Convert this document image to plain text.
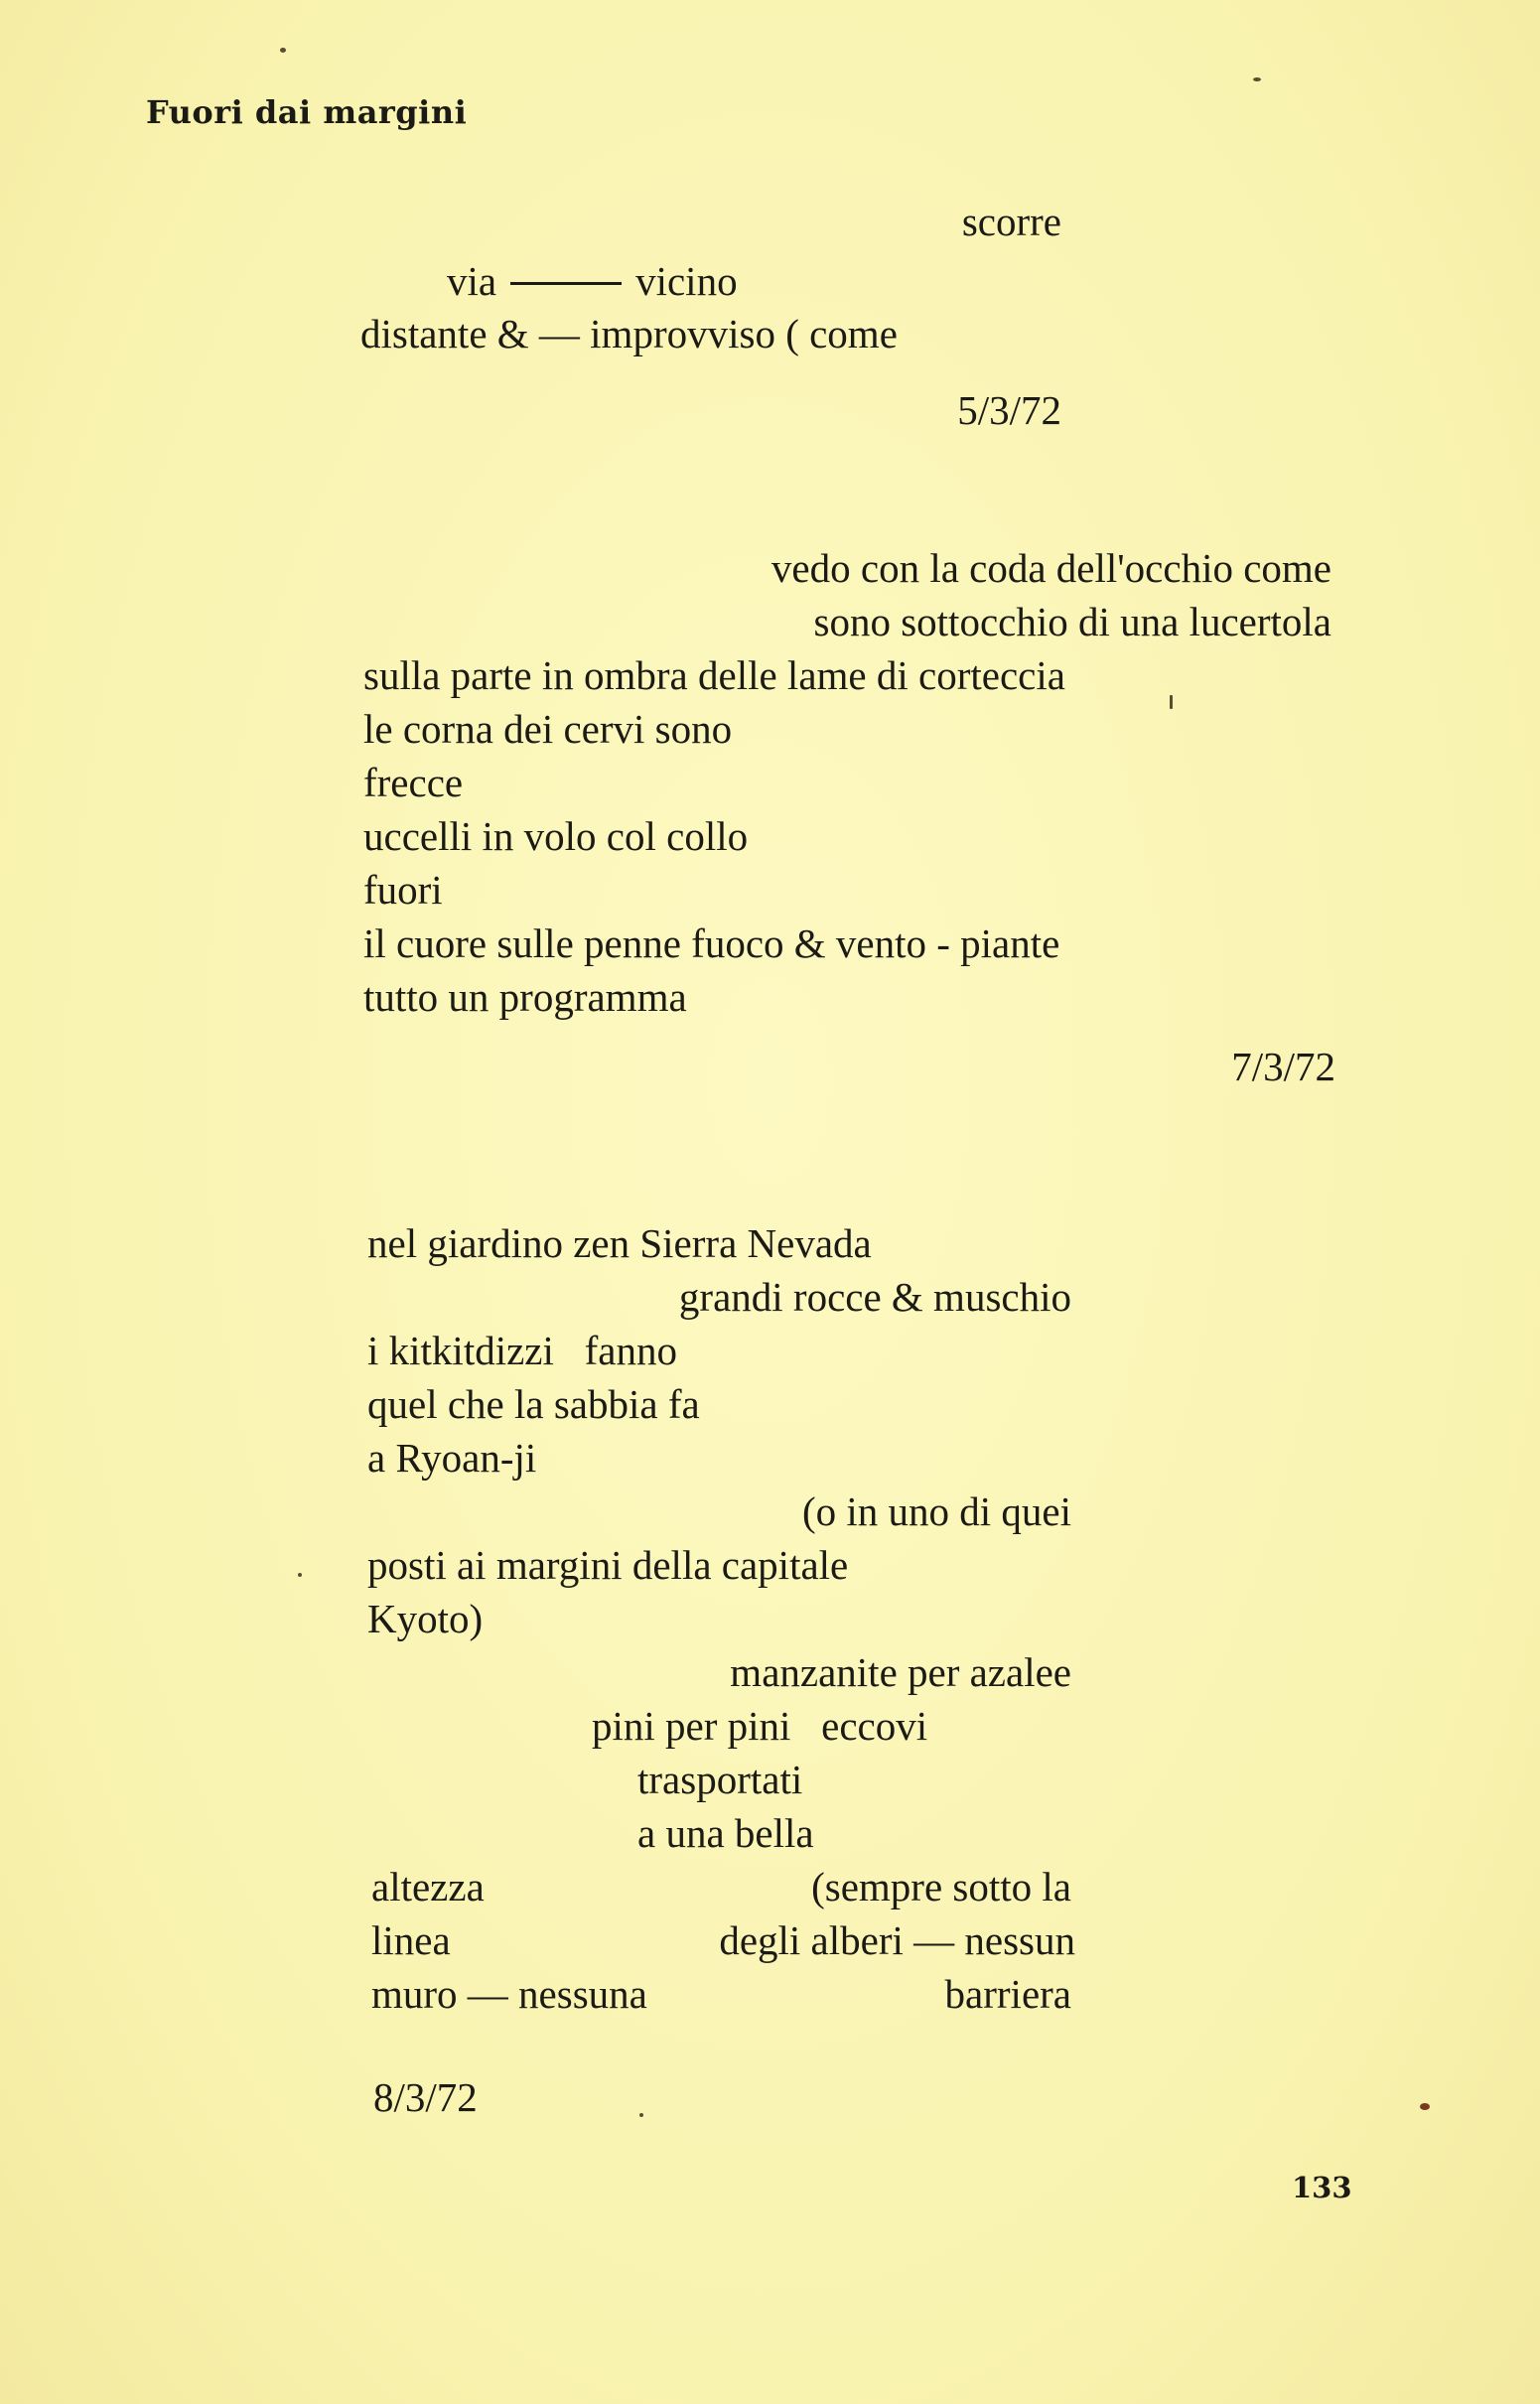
Fuori dai margini
scorre
via	vicino
distante & — improvviso ( come
5/3/72
vedo con la coda dell'occhio come
sono sottocchio di una lucertola
sulla parte in ombra delle lame di corteccia
le corna dei cervi sono
frecce
uccelli in volo col collo
fuori
il cuore sulle penne fuoco & vento - piante
tutto un programma
7/3/72
nel giardino zen Sierra Nevada
grandi rocce & muschio
i kitkitdizzi   fanno
quel che la sabbia fa
a Ryoan-ji
(o in uno di quei
posti ai margini della capitale
Kyoto)
manzanite per azalee
pini per pini   eccovi
trasportati
a una bella
altezza	(sempre sotto la
linea	degli alberi — nessun
muro — nessuna	barriera
8/3/72
133
